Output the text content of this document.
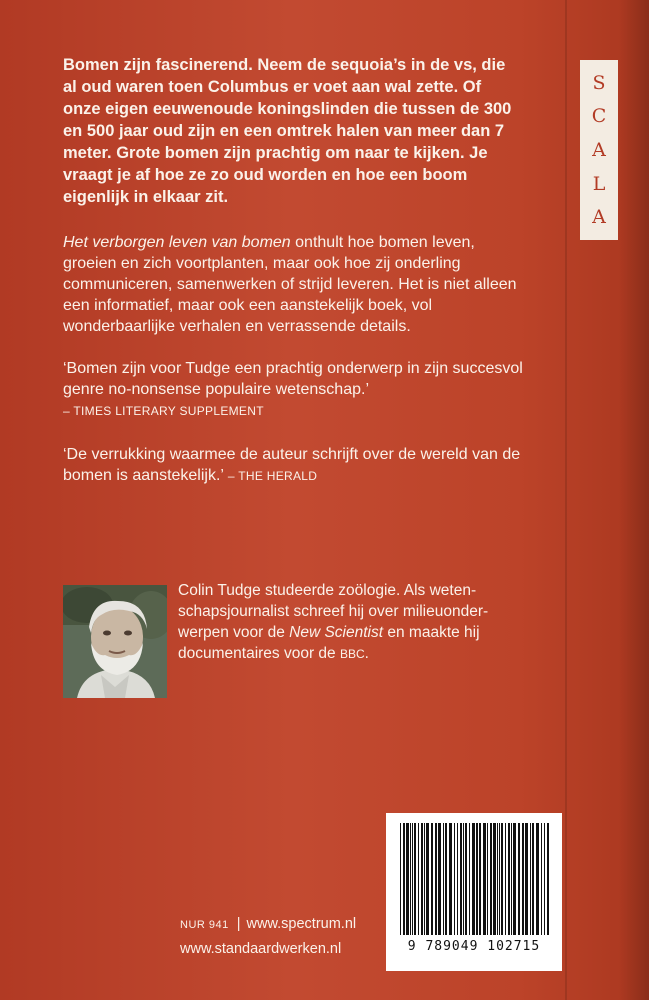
S
C
A
L
A

Bomen zijn fascinerend. Neem de sequoia’s in de vs, die al oud waren toen Columbus er voet aan wal zette. Of onze eigen eeuwenoude koningslinden die tussen de 300 en 500 jaar oud zijn en een omtrek halen van meer dan 7 meter. Grote bomen zijn prachtig om naar te kijken. Je vraagt je af hoe ze zo oud worden en hoe een boom eigenlijk in elkaar zit.

Het verborgen leven van bomen onthult hoe bomen leven, groeien en zich voortplanten, maar ook hoe zij onderling communiceren, samenwerken of strijd leveren. Het is niet alleen een informatief, maar ook een aanstekelijk boek, vol wonderbaarlijke verhalen en verrassende details.

‘Bomen zijn voor Tudge een prachtig onderwerp in zijn succesvol genre no-nonsense populaire wetenschap.’
– TIMES LITERARY SUPPLEMENT

‘De verrukking waarmee de auteur schrijft over de wereld van de bomen is aanstekelijk.’ – THE HERALD

Colin Tudge studeerde zoölogie. Als wetenschapsjournalist schreef hij over milieuonderwerpen voor de New Scientist en maakte hij documentaires voor de BBC.

9 789049 102715
NUR 941 | www.spectrum.nl
www.standaardwerken.nl
